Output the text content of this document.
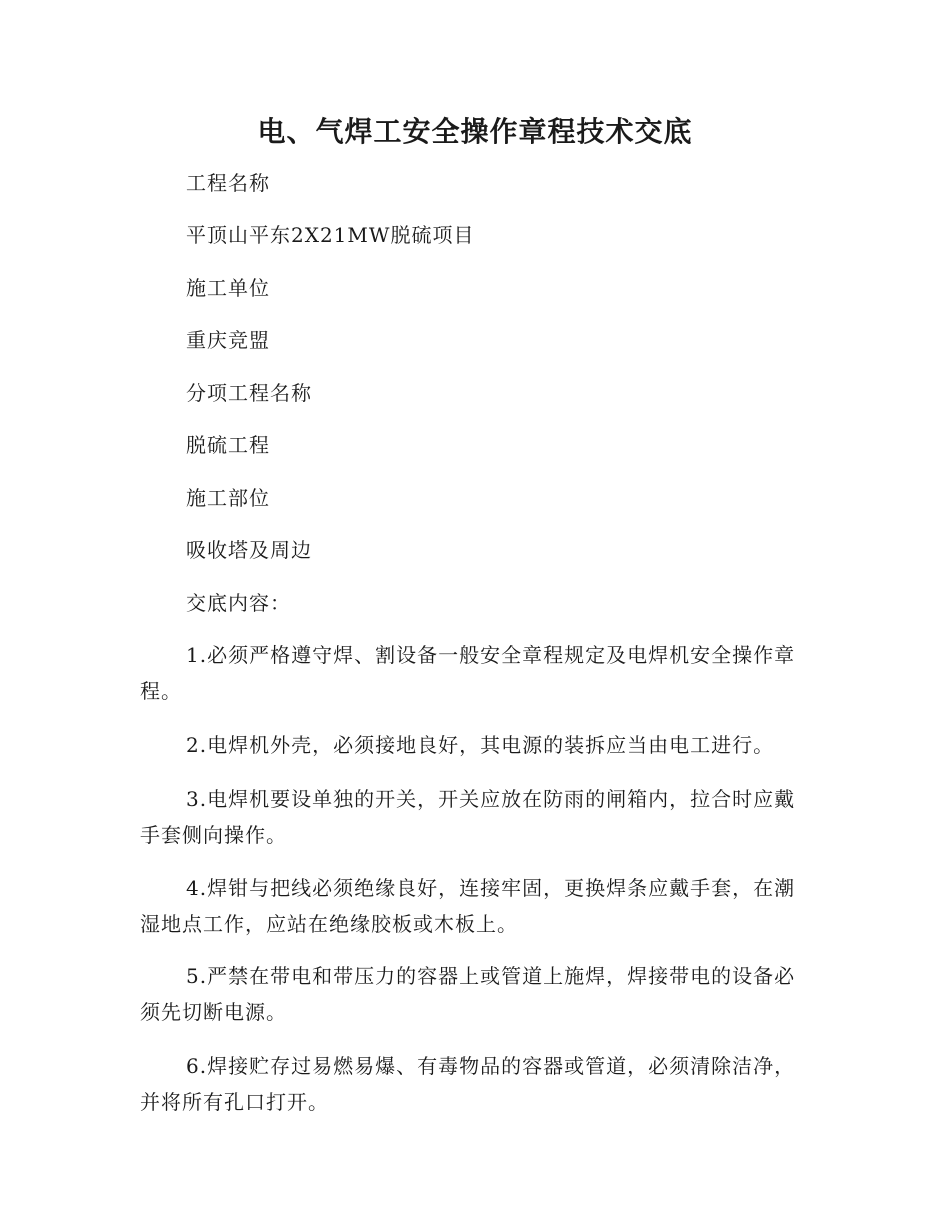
电、气焊工安全操作章程技术交底

工程名称

平顶山平东2X21MW脱硫项目

施工单位

重庆竞盟

分项工程名称

脱硫工程

施工部位

吸收塔及周边

交底内容：

1.必须严格遵守焊、割设备一般安全章程规定及电焊机安全操作章程。

2.电焊机外壳，必须接地良好，其电源的装拆应当由电工进行。

3.电焊机要设单独的开关，开关应放在防雨的闸箱内，拉合时应戴手套侧向操作。

4.焊钳与把线必须绝缘良好，连接牢固，更换焊条应戴手套，在潮湿地点工作，应站在绝缘胶板或木板上。

5.严禁在带电和带压力的容器上或管道上施焊，焊接带电的设备必须先切断电源。

6.焊接贮存过易燃易爆、有毒物品的容器或管道，必须清除洁净，并将所有孔口打开。
